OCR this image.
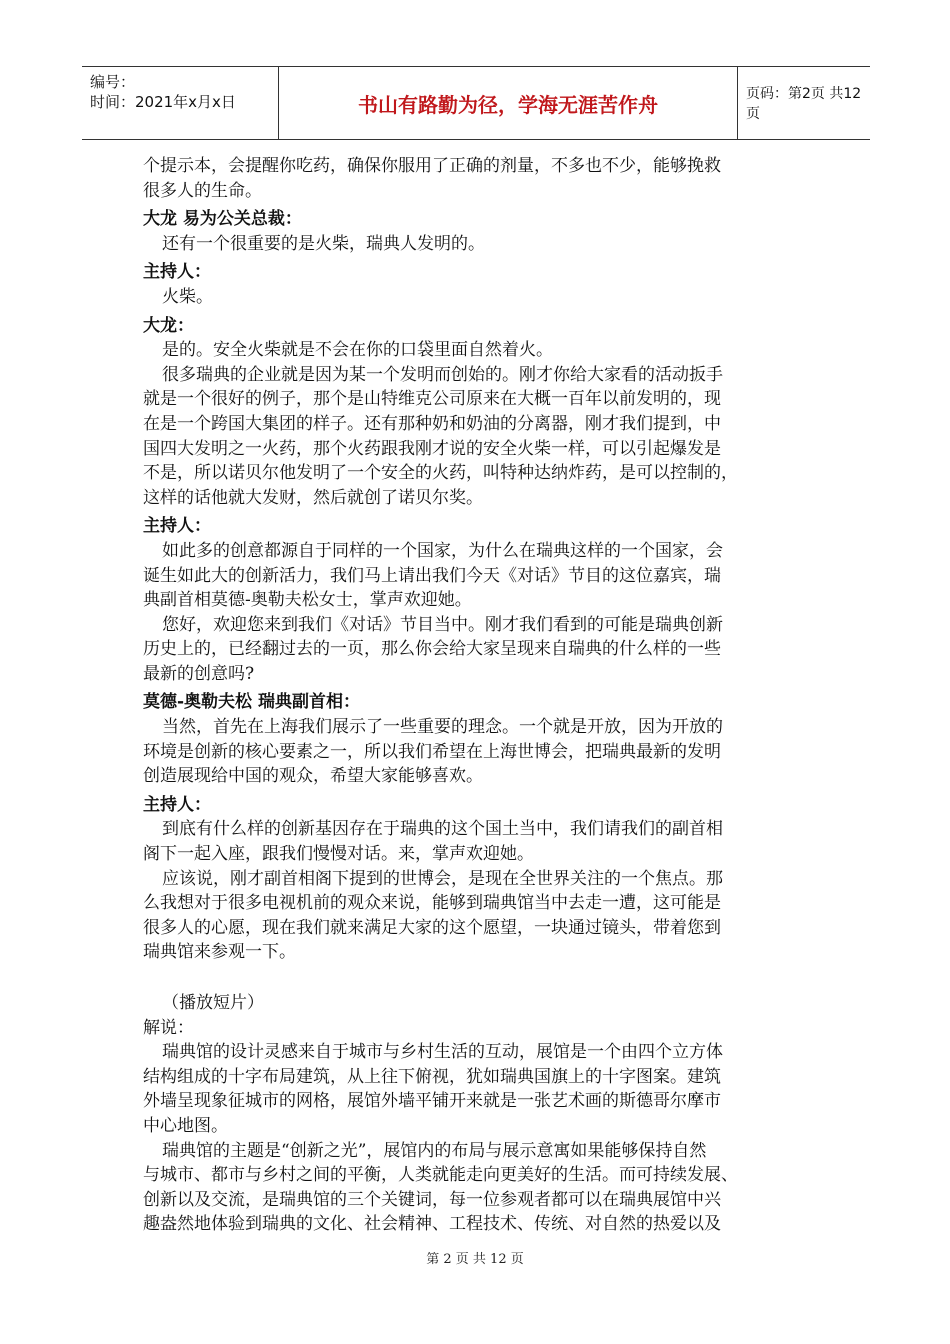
编号：
时间：2021年x月x日	书山有路勤为径，学海无涯苦作舟	页码：第2页 共12页
个提示本，会提醒你吃药，确保你服用了正确的剂量，不多也不少，能够挽救
很多人的生命。
大龙 易为公关总裁：
还有一个很重要的是火柴，瑞典人发明的。
主持人：
火柴。
大龙：
是的。安全火柴就是不会在你的口袋里面自然着火。
很多瑞典的企业就是因为某一个发明而创始的。刚才你给大家看的活动扳手
就是一个很好的例子，那个是山特维克公司原来在大概一百年以前发明的，现
在是一个跨国大集团的样子。还有那种奶和奶油的分离器，刚才我们提到，中
国四大发明之一火药，那个火药跟我刚才说的安全火柴一样，可以引起爆发是
不是，所以诺贝尔他发明了一个安全的火药，叫特种达纳炸药，是可以控制的，
这样的话他就大发财，然后就创了诺贝尔奖。
主持人：
如此多的创意都源自于同样的一个国家，为什么在瑞典这样的一个国家，会
诞生如此大的创新活力，我们马上请出我们今天《对话》节目的这位嘉宾，瑞
典副首相莫德-奥勒夫松女士，掌声欢迎她。
您好，欢迎您来到我们《对话》节目当中。刚才我们看到的可能是瑞典创新
历史上的，已经翻过去的一页，那么你会给大家呈现来自瑞典的什么样的一些
最新的创意吗?
莫德-奥勒夫松 瑞典副首相：
当然，首先在上海我们展示了一些重要的理念。一个就是开放，因为开放的
环境是创新的核心要素之一，所以我们希望在上海世博会，把瑞典最新的发明
创造展现给中国的观众，希望大家能够喜欢。
主持人：
到底有什么样的创新基因存在于瑞典的这个国土当中，我们请我们的副首相
阁下一起入座，跟我们慢慢对话。来，掌声欢迎她。
应该说，刚才副首相阁下提到的世博会，是现在全世界关注的一个焦点。那
么我想对于很多电视机前的观众来说，能够到瑞典馆当中去走一遭，这可能是
很多人的心愿，现在我们就来满足大家的这个愿望，一块通过镜头，带着您到
瑞典馆来参观一下。
（播放短片）
解说：
瑞典馆的设计灵感来自于城市与乡村生活的互动，展馆是一个由四个立方体
结构组成的十字布局建筑，从上往下俯视，犹如瑞典国旗上的十字图案。建筑
外墙呈现象征城市的网格，展馆外墙平铺开来就是一张艺术画的斯德哥尔摩市
中心地图。
瑞典馆的主题是“创新之光”，展馆内的布局与展示意寓如果能够保持自然
与城市、都市与乡村之间的平衡，人类就能走向更美好的生活。而可持续发展、
创新以及交流，是瑞典馆的三个关键词，每一位参观者都可以在瑞典展馆中兴
趣盎然地体验到瑞典的文化、社会精神、工程技术、传统、对自然的热爱以及
第 2 页 共 12 页
